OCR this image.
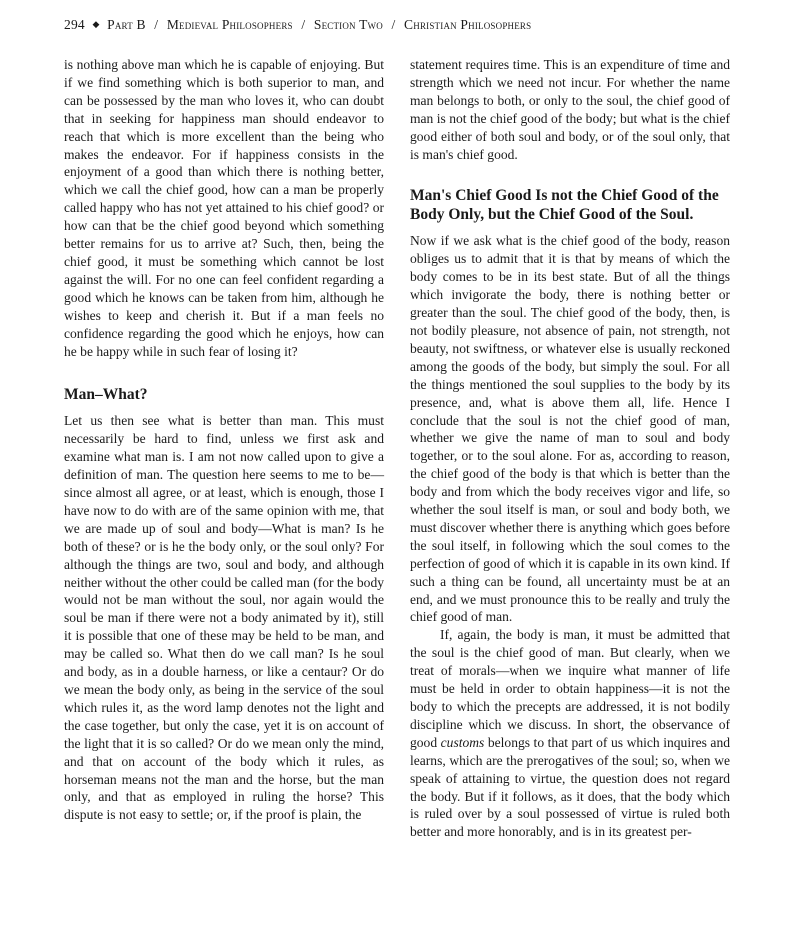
294 ◆ Part B / Medieval Philosophers / Section Two / Christian Philosophers

is nothing above man which he is capable of enjoying. But if we find something which is both superior to man, and can be possessed by the man who loves it, who can doubt that in seeking for happiness man should endeavor to reach that which is more excellent than the being who makes the endeavor. For if happiness consists in the enjoyment of a good than which there is nothing better, which we call the chief good, how can a man be properly called happy who has not yet attained to his chief good? or how can that be the chief good beyond which something better remains for us to arrive at? Such, then, being the chief good, it must be something which cannot be lost against the will. For no one can feel confident regarding a good which he knows can be taken from him, although he wishes to keep and cherish it. But if a man feels no confidence regarding the good which he enjoys, how can he be happy while in such fear of losing it?

Man–What?

Let us then see what is better than man. This must necessarily be hard to find, unless we first ask and examine what man is. I am not now called upon to give a definition of man. The question here seems to me to be—since almost all agree, or at least, which is enough, those I have now to do with are of the same opinion with me, that we are made up of soul and body—What is man? Is he both of these? or is he the body only, or the soul only? For although the things are two, soul and body, and although neither without the other could be called man (for the body would not be man without the soul, nor again would the soul be man if there were not a body animated by it), still it is possible that one of these may be held to be man, and may be called so. What then do we call man? Is he soul and body, as in a double harness, or like a centaur? Or do we mean the body only, as being in the service of the soul which rules it, as the word lamp denotes not the light and the case together, but only the case, yet it is on account of the light that it is so called? Or do we mean only the mind, and that on account of the body which it rules, as horseman means not the man and the horse, but the man only, and that as employed in ruling the horse? This dispute is not easy to settle; or, if the proof is plain, the

statement requires time. This is an expenditure of time and strength which we need not incur. For whether the name man belongs to both, or only to the soul, the chief good of man is not the chief good of the body; but what is the chief good either of both soul and body, or of the soul only, that is man's chief good.

Man's Chief Good Is not the Chief Good of the Body Only, but the Chief Good of the Soul.

Now if we ask what is the chief good of the body, reason obliges us to admit that it is that by means of which the body comes to be in its best state. But of all the things which invigorate the body, there is nothing better or greater than the soul. The chief good of the body, then, is not bodily pleasure, not absence of pain, not strength, not beauty, not swiftness, or whatever else is usually reckoned among the goods of the body, but simply the soul. For all the things mentioned the soul supplies to the body by its presence, and, what is above them all, life. Hence I conclude that the soul is not the chief good of man, whether we give the name of man to soul and body together, or to the soul alone. For as, according to reason, the chief good of the body is that which is better than the body and from which the body receives vigor and life, so whether the soul itself is man, or soul and body both, we must discover whether there is anything which goes before the soul itself, in following which the soul comes to the perfection of good of which it is capable in its own kind. If such a thing can be found, all uncertainty must be at an end, and we must pronounce this to be really and truly the chief good of man.

If, again, the body is man, it must be admitted that the soul is the chief good of man. But clearly, when we treat of morals—when we inquire what manner of life must be held in order to obtain happiness—it is not the body to which the precepts are addressed, it is not bodily discipline which we discuss. In short, the observance of good customs belongs to that part of us which inquires and learns, which are the prerogatives of the soul; so, when we speak of attaining to virtue, the question does not regard the body. But if it follows, as it does, that the body which is ruled over by a soul possessed of virtue is ruled both better and more honorably, and is in its greatest per-
